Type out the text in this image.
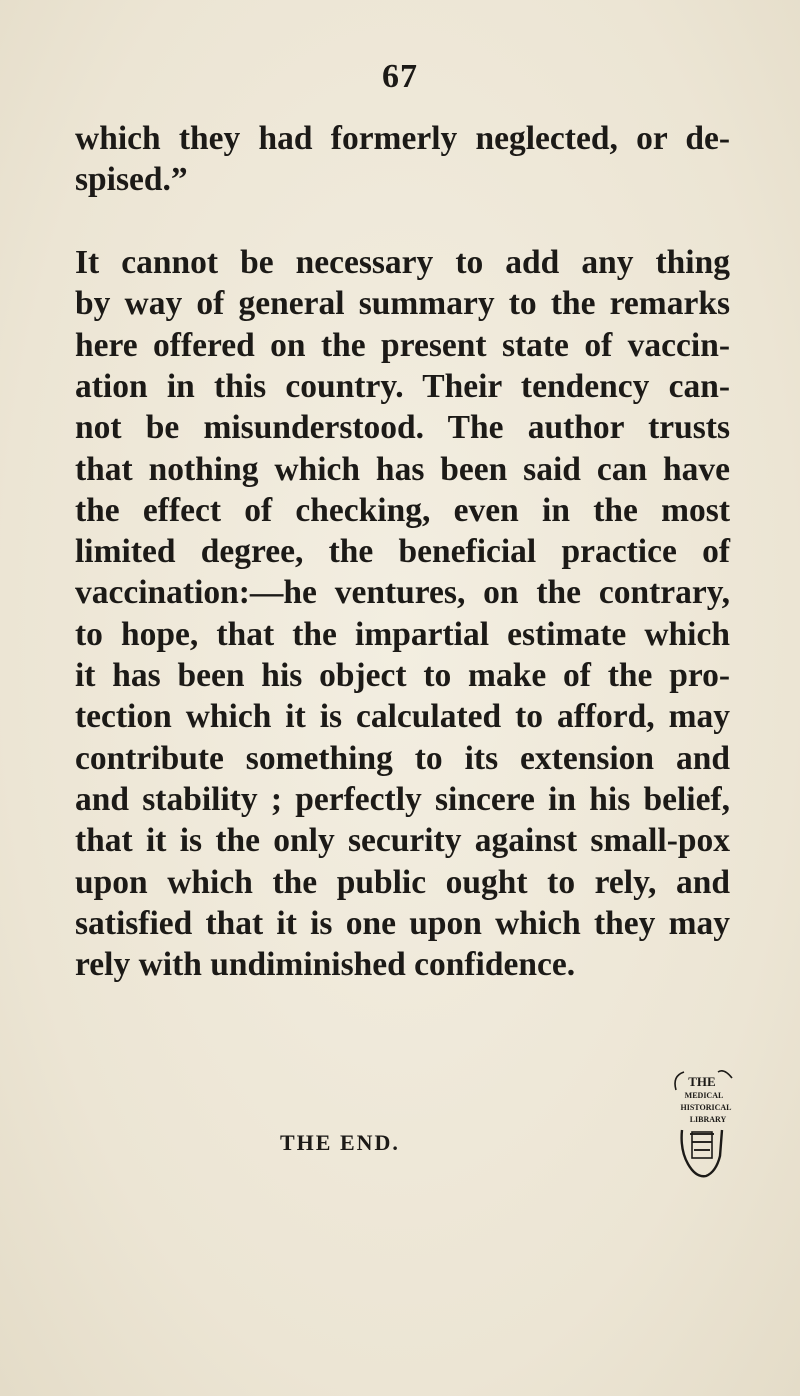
67
which they had formerly neglected, or de-
spised.”
It cannot be necessary to add any thing
by way of general summary to the remarks
here offered on the present state of vaccin-
ation in this country. Their tendency can-
not be misunderstood. The author trusts
that nothing which has been said can have
the effect of checking, even in the most
limited degree, the beneficial practice of
vaccination:—he ventures, on the contrary,
to hope, that the impartial estimate which
it has been his object to make of the pro-
tection which it is calculated to afford, may
contribute something to its extension and
and stability ; perfectly sincere in his belief,
that it is the only security against small-pox
upon which the public ought to rely, and
satisfied that it is one upon which they may
rely with undiminished confidence.
THE END.
THE
MEDICAL
HISTORICAL
LIBRARY
